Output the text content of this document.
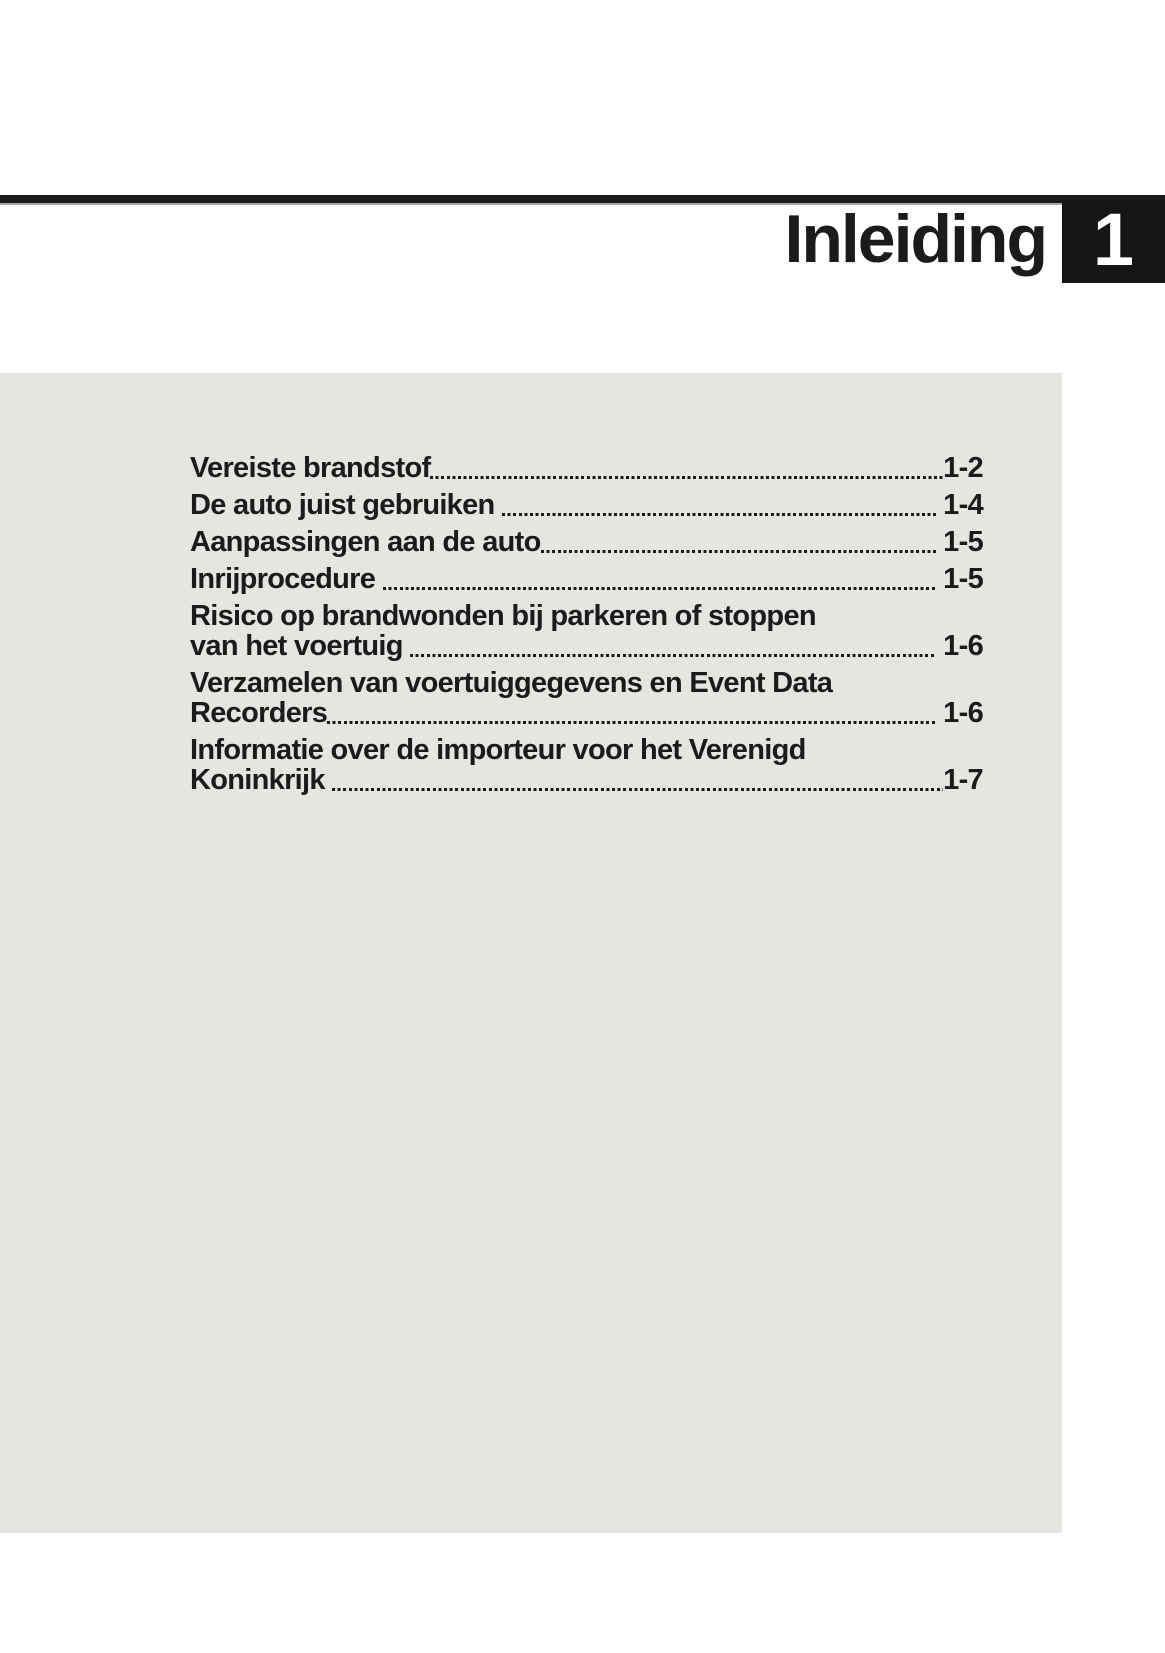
Inleiding 1
Vereiste brandstof	1-2
De auto juist gebruiken	1-4
Aanpassingen aan de auto	1-5
Inrijprocedure	1-5
Risico op brandwonden bij parkeren of stoppen
van het voertuig	1-6
Verzamelen van voertuiggegevens en Event Data
Recorders	1-6
Informatie over de importeur voor het Verenigd
Koninkrijk	1-7
